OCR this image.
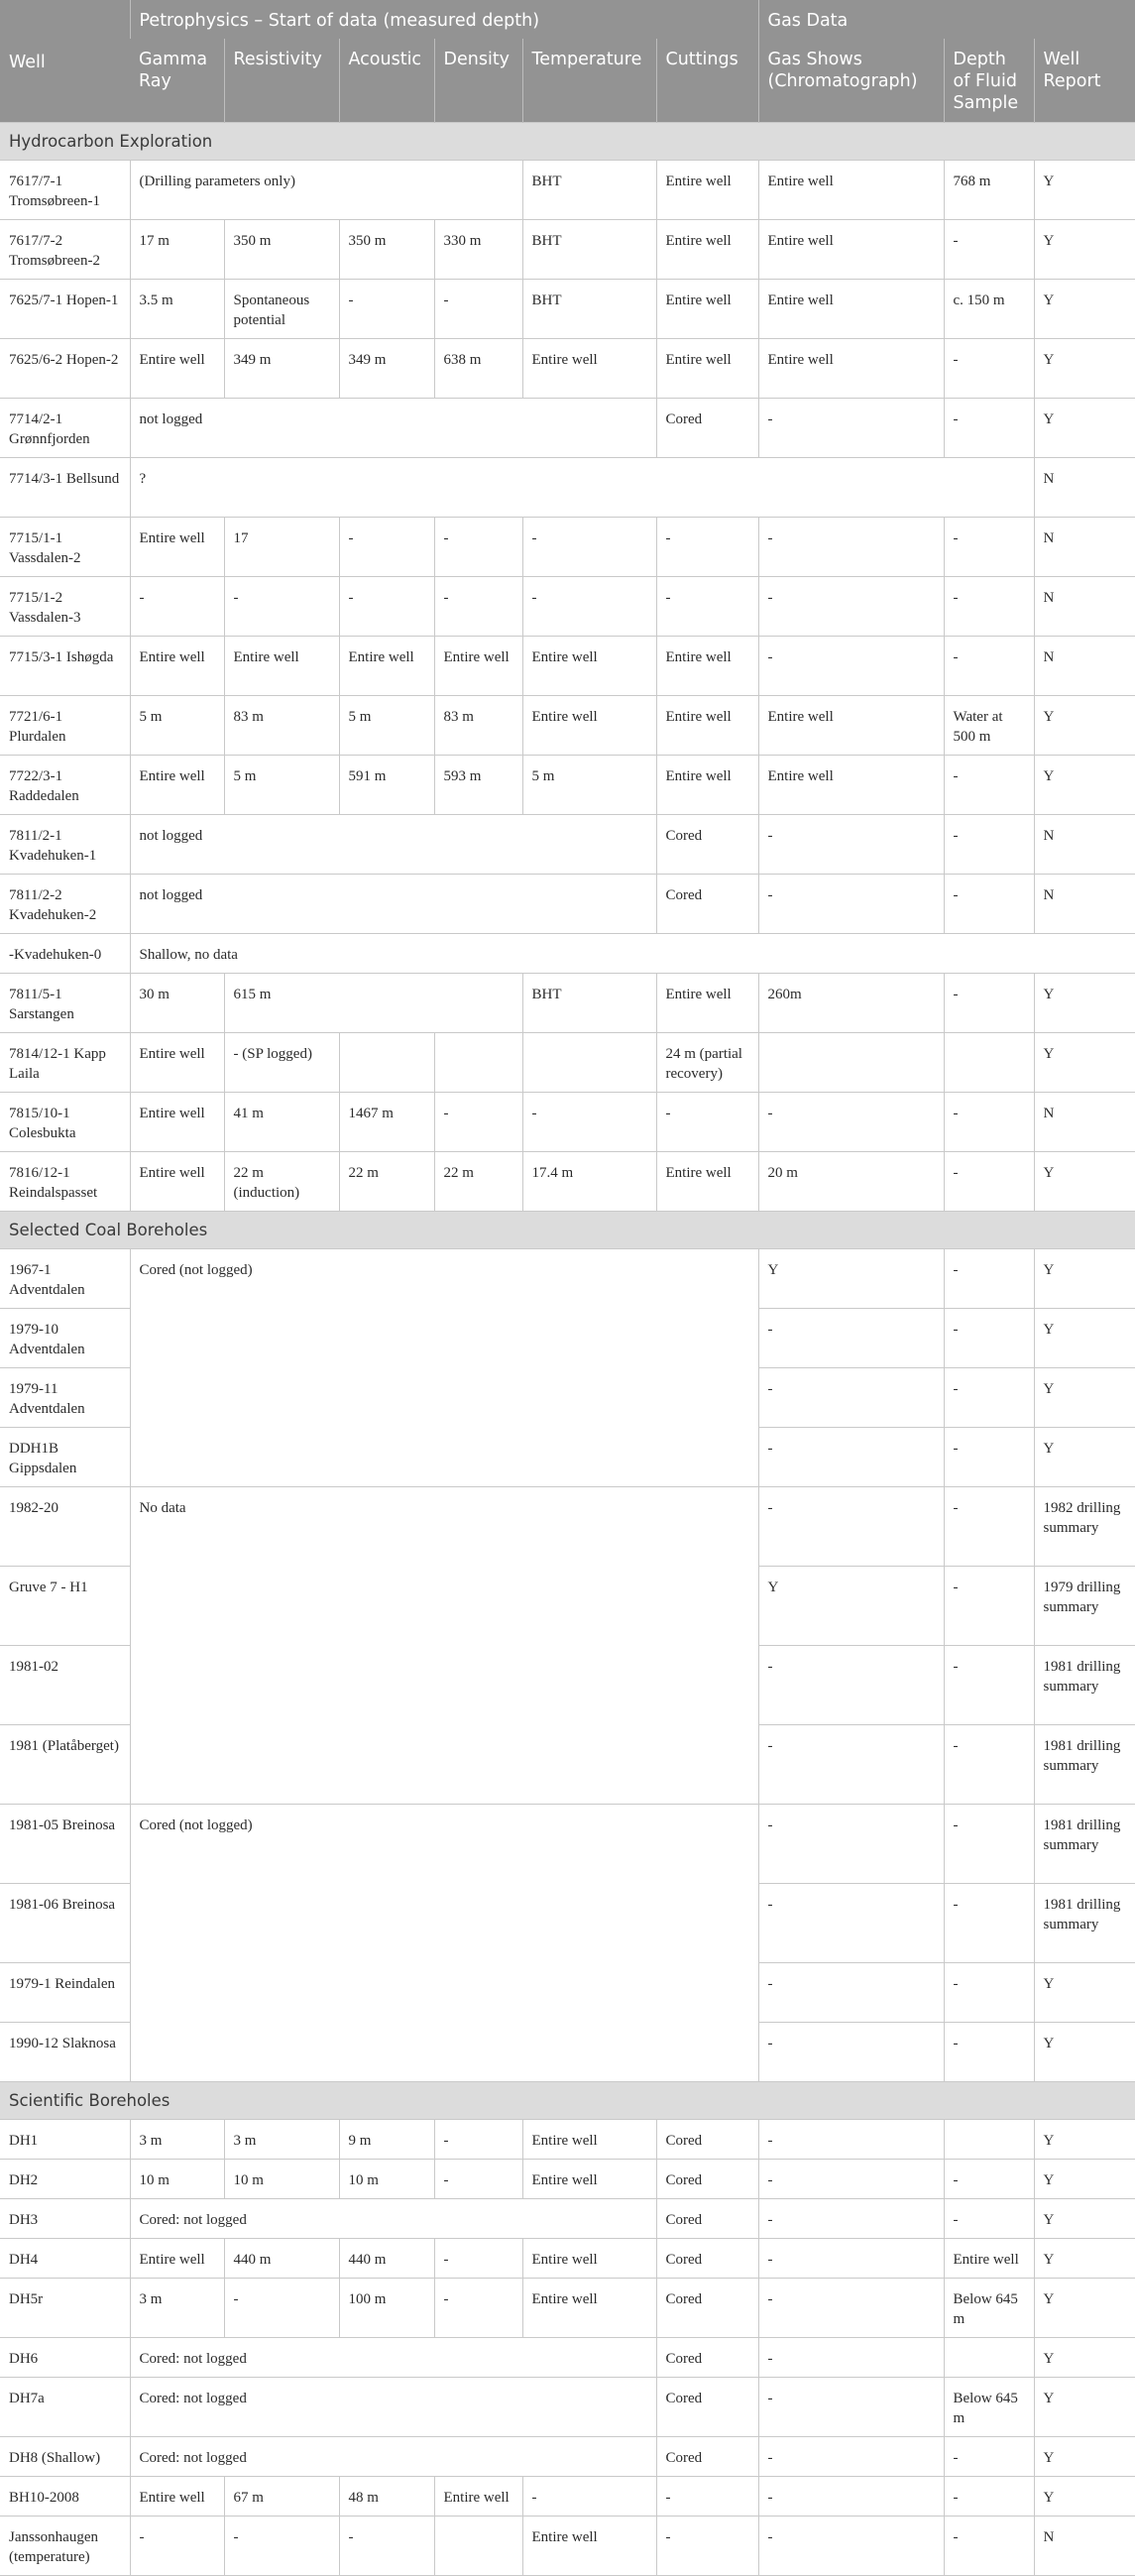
Well	Petrophysics – Start of data (measured depth)						Gas Data		
	Gamma Ray	Resistivity	Acoustic	Density	Temperature	Cuttings	Gas Shows (Chromatograph)	Depth of Fluid Sample	Well Report
Hydrocarbon Exploration									
7617/7-1 Tromsøbreen-1	(Drilling parameters only)				BHT	Entire well	Entire well	768 m	Y
7617/7-2 Tromsøbreen-2	17 m	350 m	350 m	330 m	BHT	Entire well	Entire well	-	Y
7625/7-1 Hopen-1	3.5 m	Spontaneous potential	-	-	BHT	Entire well	Entire well	c. 150 m	Y
7625/6-2 Hopen-2	Entire well	349 m	349 m	638 m	Entire well	Entire well	Entire well	-	Y
7714/2-1 Grønnfjorden	not logged					Cored	-	-	Y
7714/3-1 Bellsund	?								N
7715/1-1 Vassdalen-2	Entire well	17	-	-	-	-	-	-	N
7715/1-2 Vassdalen-3	-	-	-	-	-	-	-	-	N
7715/3-1 Ishøgda	Entire well	Entire well	Entire well	Entire well	Entire well	Entire well	-	-	N
7721/6-1 Plurdalen	5 m	83 m	5 m	83 m	Entire well	Entire well	Entire well	Water at 500 m	Y
7722/3-1 Raddedalen	Entire well	5 m	591 m	593 m	5 m	Entire well	Entire well	-	Y
7811/2-1 Kvadehuken-1	not logged					Cored	-	-	N
7811/2-2 Kvadehuken-2	not logged					Cored	-	-	N
-Kvadehuken-0	Shallow, no data								
7811/5-1 Sarstangen	30 m	615 m			BHT	Entire well	260m	-	Y
7814/12-1 Kapp Laila	Entire well	- (SP logged)				24 m (partial recovery)			Y
7815/10-1 Colesbukta	Entire well	41 m	1467 m	-	-	-	-	-	N
7816/12-1 Reindalspasset	Entire well	22 m (induction)	22 m	22 m	17.4 m	Entire well	20 m	-	Y
Selected Coal Boreholes									
1967-1 Adventdalen	Cored (not logged)						Y	-	Y
1979-10 Adventdalen							-	-	Y
1979-11 Adventdalen							-	-	Y
DDH1B Gippsdalen							-	-	Y
1982-20	No data						-	-	1982 drilling summary
Gruve 7 - H1							Y	-	1979 drilling summary
1981-02							-	-	1981 drilling summary
1981 (Platåberget)							-	-	1981 drilling summary
1981-05 Breinosa	Cored (not logged)						-	-	1981 drilling summary
1981-06 Breinosa							-	-	1981 drilling summary
1979-1 Reindalen							-	-	Y
1990-12 Slaknosa							-	-	Y
Scientific Boreholes									
DH1	3 m	3 m	9 m	-	Entire well	Cored	-		Y
DH2	10 m	10 m	10 m	-	Entire well	Cored	-	-	Y
DH3	Cored: not logged					Cored	-	-	Y
DH4	Entire well	440 m	440 m	-	Entire well	Cored	-	Entire well	Y
DH5r	3 m	-	100 m	-	Entire well	Cored	-	Below 645 m	Y
DH6	Cored: not logged					Cored	-		Y
DH7a	Cored: not logged					Cored	-	Below 645 m	Y
DH8 (Shallow)	Cored: not logged					Cored	-	-	Y
BH10-2008	Entire well	67 m	48 m	Entire well	-	-	-	-	Y
Janssonhaugen (temperature)	-	-	-		Entire well	-	-	-	N
